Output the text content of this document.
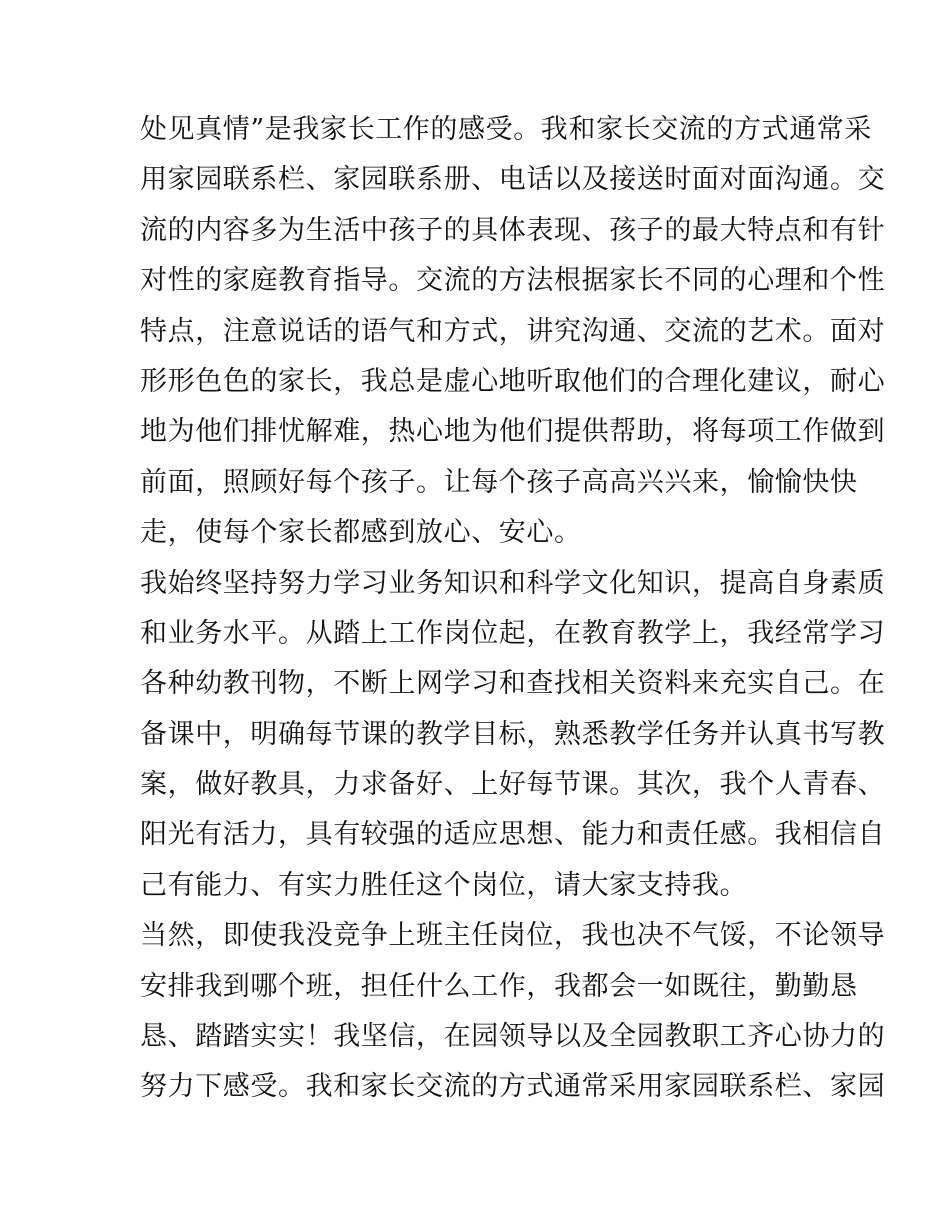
处见真情”是我家长工作的感受。我和家长交流的方式通常采
用家园联系栏、家园联系册、电话以及接送时面对面沟通。交
流的内容多为生活中孩子的具体表现、孩子的最大特点和有针
对性的家庭教育指导。交流的方法根据家长不同的心理和个性
特点，注意说话的语气和方式，讲究沟通、交流的艺术。面对
形形色色的家长，我总是虚心地听取他们的合理化建议，耐心
地为他们排忧解难，热心地为他们提供帮助，将每项工作做到
前面，照顾好每个孩子。让每个孩子高高兴兴来，愉愉快快
走，使每个家长都感到放心、安心。
我始终坚持努力学习业务知识和科学文化知识，提高自身素质
和业务水平。从踏上工作岗位起，在教育教学上，我经常学习
各种幼教刊物，不断上网学习和查找相关资料来充实自己。在
备课中，明确每节课的教学目标，熟悉教学任务并认真书写教
案，做好教具，力求备好、上好每节课。其次，我个人青春、
阳光有活力，具有较强的适应思想、能力和责任感。我相信自
己有能力、有实力胜任这个岗位，请大家支持我。
当然，即使我没竞争上班主任岗位，我也决不气馁，不论领导
安排我到哪个班，担任什么工作，我都会一如既往，勤勤恳
恳、踏踏实实！我坚信，在园领导以及全园教职工齐心协力的
努力下感受。我和家长交流的方式通常采用家园联系栏、家园
